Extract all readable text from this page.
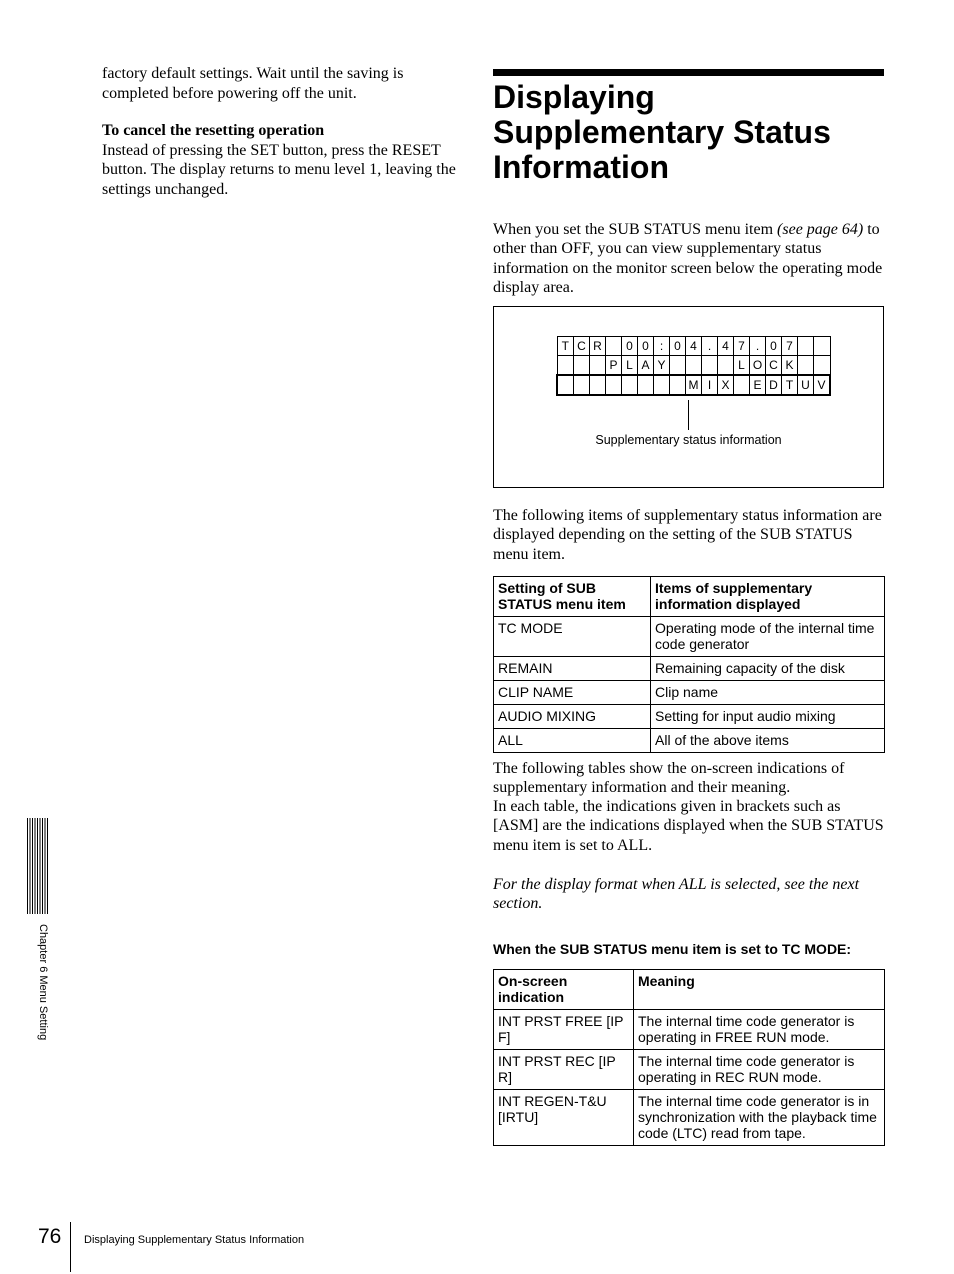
factory default settings. Wait until the saving is completed before powering off the unit.

To cancel the resetting operation

Instead of pressing the SET button, press the RESET button. The display returns to menu level 1, leaving the settings unchanged.

Displaying Supplementary Status Information

When you set the SUB STATUS menu item (see page 64) to other than OFF, you can view supplementary status information on the monitor screen below the operating mode display area.

T	C	R		0	0	:	0	4	.	4	7	.	0	7		
			P	L	A	Y					L	O	C	K		
								M	I	X		E	D	T	U	V
Supplementary status information

The following items of supplementary status information are displayed depending on the setting of the SUB STATUS menu item.

Setting of SUB STATUS menu item	Items of supplementary information displayed
TC MODE	Operating mode of the internal time code generator
REMAIN	Remaining capacity of the disk
CLIP NAME	Clip name
AUDIO MIXING	Setting for input audio mixing
ALL	All of the above items

The following tables show the on-screen indications of supplementary information and their meaning.

In each table, the indications given in brackets such as [ASM] are the indications displayed when the SUB STATUS menu item is set to ALL.

For the display format when ALL is selected, see the next section.

When the SUB STATUS menu item is set to TC MODE:

On-screen indication	Meaning
INT PRST FREE [IP F]	The internal time code generator is operating in FREE RUN mode.
INT PRST REC [IP R]	The internal time code generator is operating in REC RUN mode.
INT REGEN-T&U [IRTU]	The internal time code generator is in synchronization with the playback time code (LTC) read from tape.
Chapter 6 Menu Setting

76 Displaying Supplementary Status Information
